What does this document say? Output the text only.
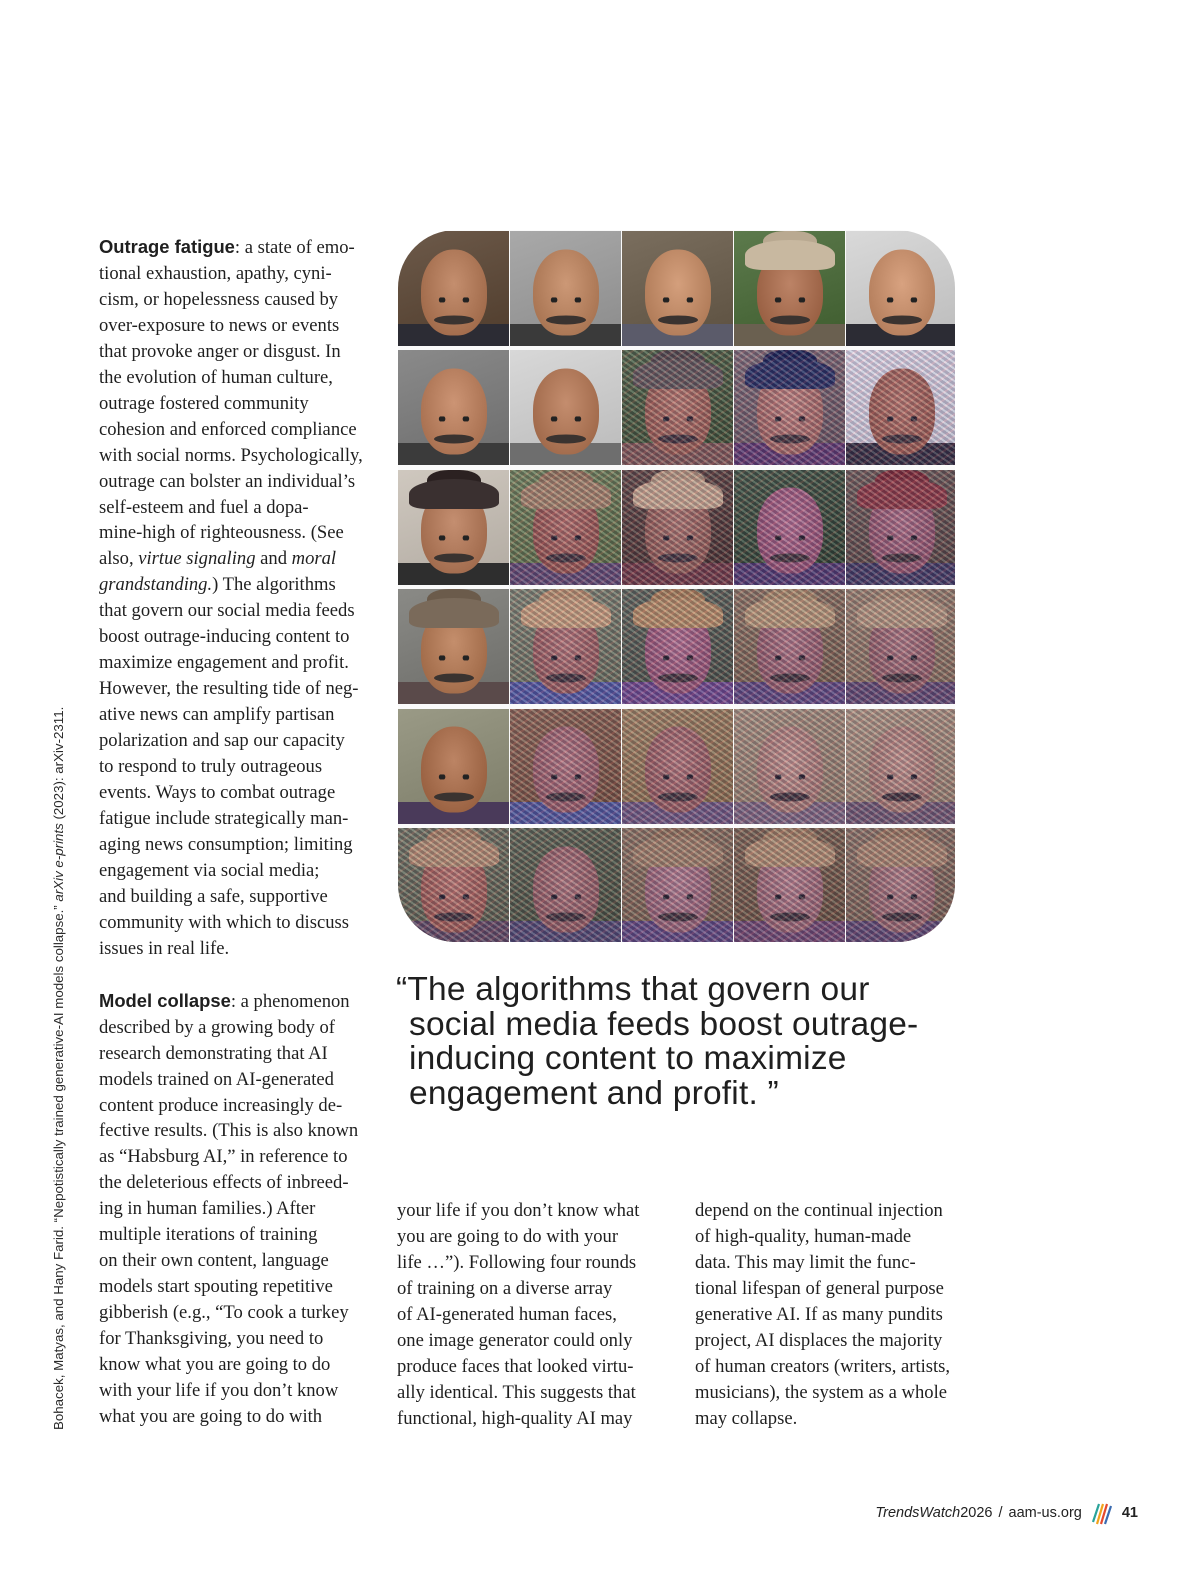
Bohacek, Matyas, and Hany Farid. “Nepotistically trained generative-AI models collapse.” arXiv e-prints (2023): arXiv-2311.
Outrage fatigue: a state of emo-
tional exhaustion, apathy, cyni-
cism, or hopelessness caused by
over-exposure to news or events
that provoke anger or disgust. In
the evolution of human culture,
outrage fostered community
cohesion and enforced compliance
with social norms. Psychologically,
outrage can bolster an individual’s
self-esteem and fuel a dopa-
mine-high of righteousness. (See
also, virtue signaling and moral
grandstanding.) The algorithms
that govern our social media feeds
boost outrage-inducing content to
maximize engagement and profit.
However, the resulting tide of neg-
ative news can amplify partisan
polarization and sap our capacity
to respond to truly outrageous
events. Ways to combat outrage
fatigue include strategically man-
aging news consumption; limiting
engagement via social media;
and building a safe, supportive
community with which to discuss
issues in real life.
Model collapse: a phenomenon
described by a growing body of
research demonstrating that AI
models trained on AI-generated
content produce increasingly de-
fective results. (This is also known
as “Habsburg AI,” in reference to
the deleterious effects of inbreed-
ing in human families.) After
multiple iterations of training
on their own content, language
models start spouting repetitive
gibberish (e.g., “To cook a turkey
for Thanksgiving, you need to
know what you are going to do
with your life if you don’t know
what you are going to do with
“The algorithms that govern our
social media feeds boost outrage-
inducing content to maximize
engagement and profit. ”
your life if you don’t know what
you are going to do with your
life …”). Following four rounds
of training on a diverse array
of AI-generated human faces,
one image generator could only
produce faces that looked virtu-
ally identical. This suggests that
functional, high-quality AI may
depend on the continual injection
of high-quality, human-made
data. This may limit the func-
tional lifespan of general purpose
generative AI. If as many pundits
project, AI displaces the majority
of human creators (writers, artists,
musicians), the system as a whole
may collapse.
TrendsWatch 2026 / aam-us.org	41
